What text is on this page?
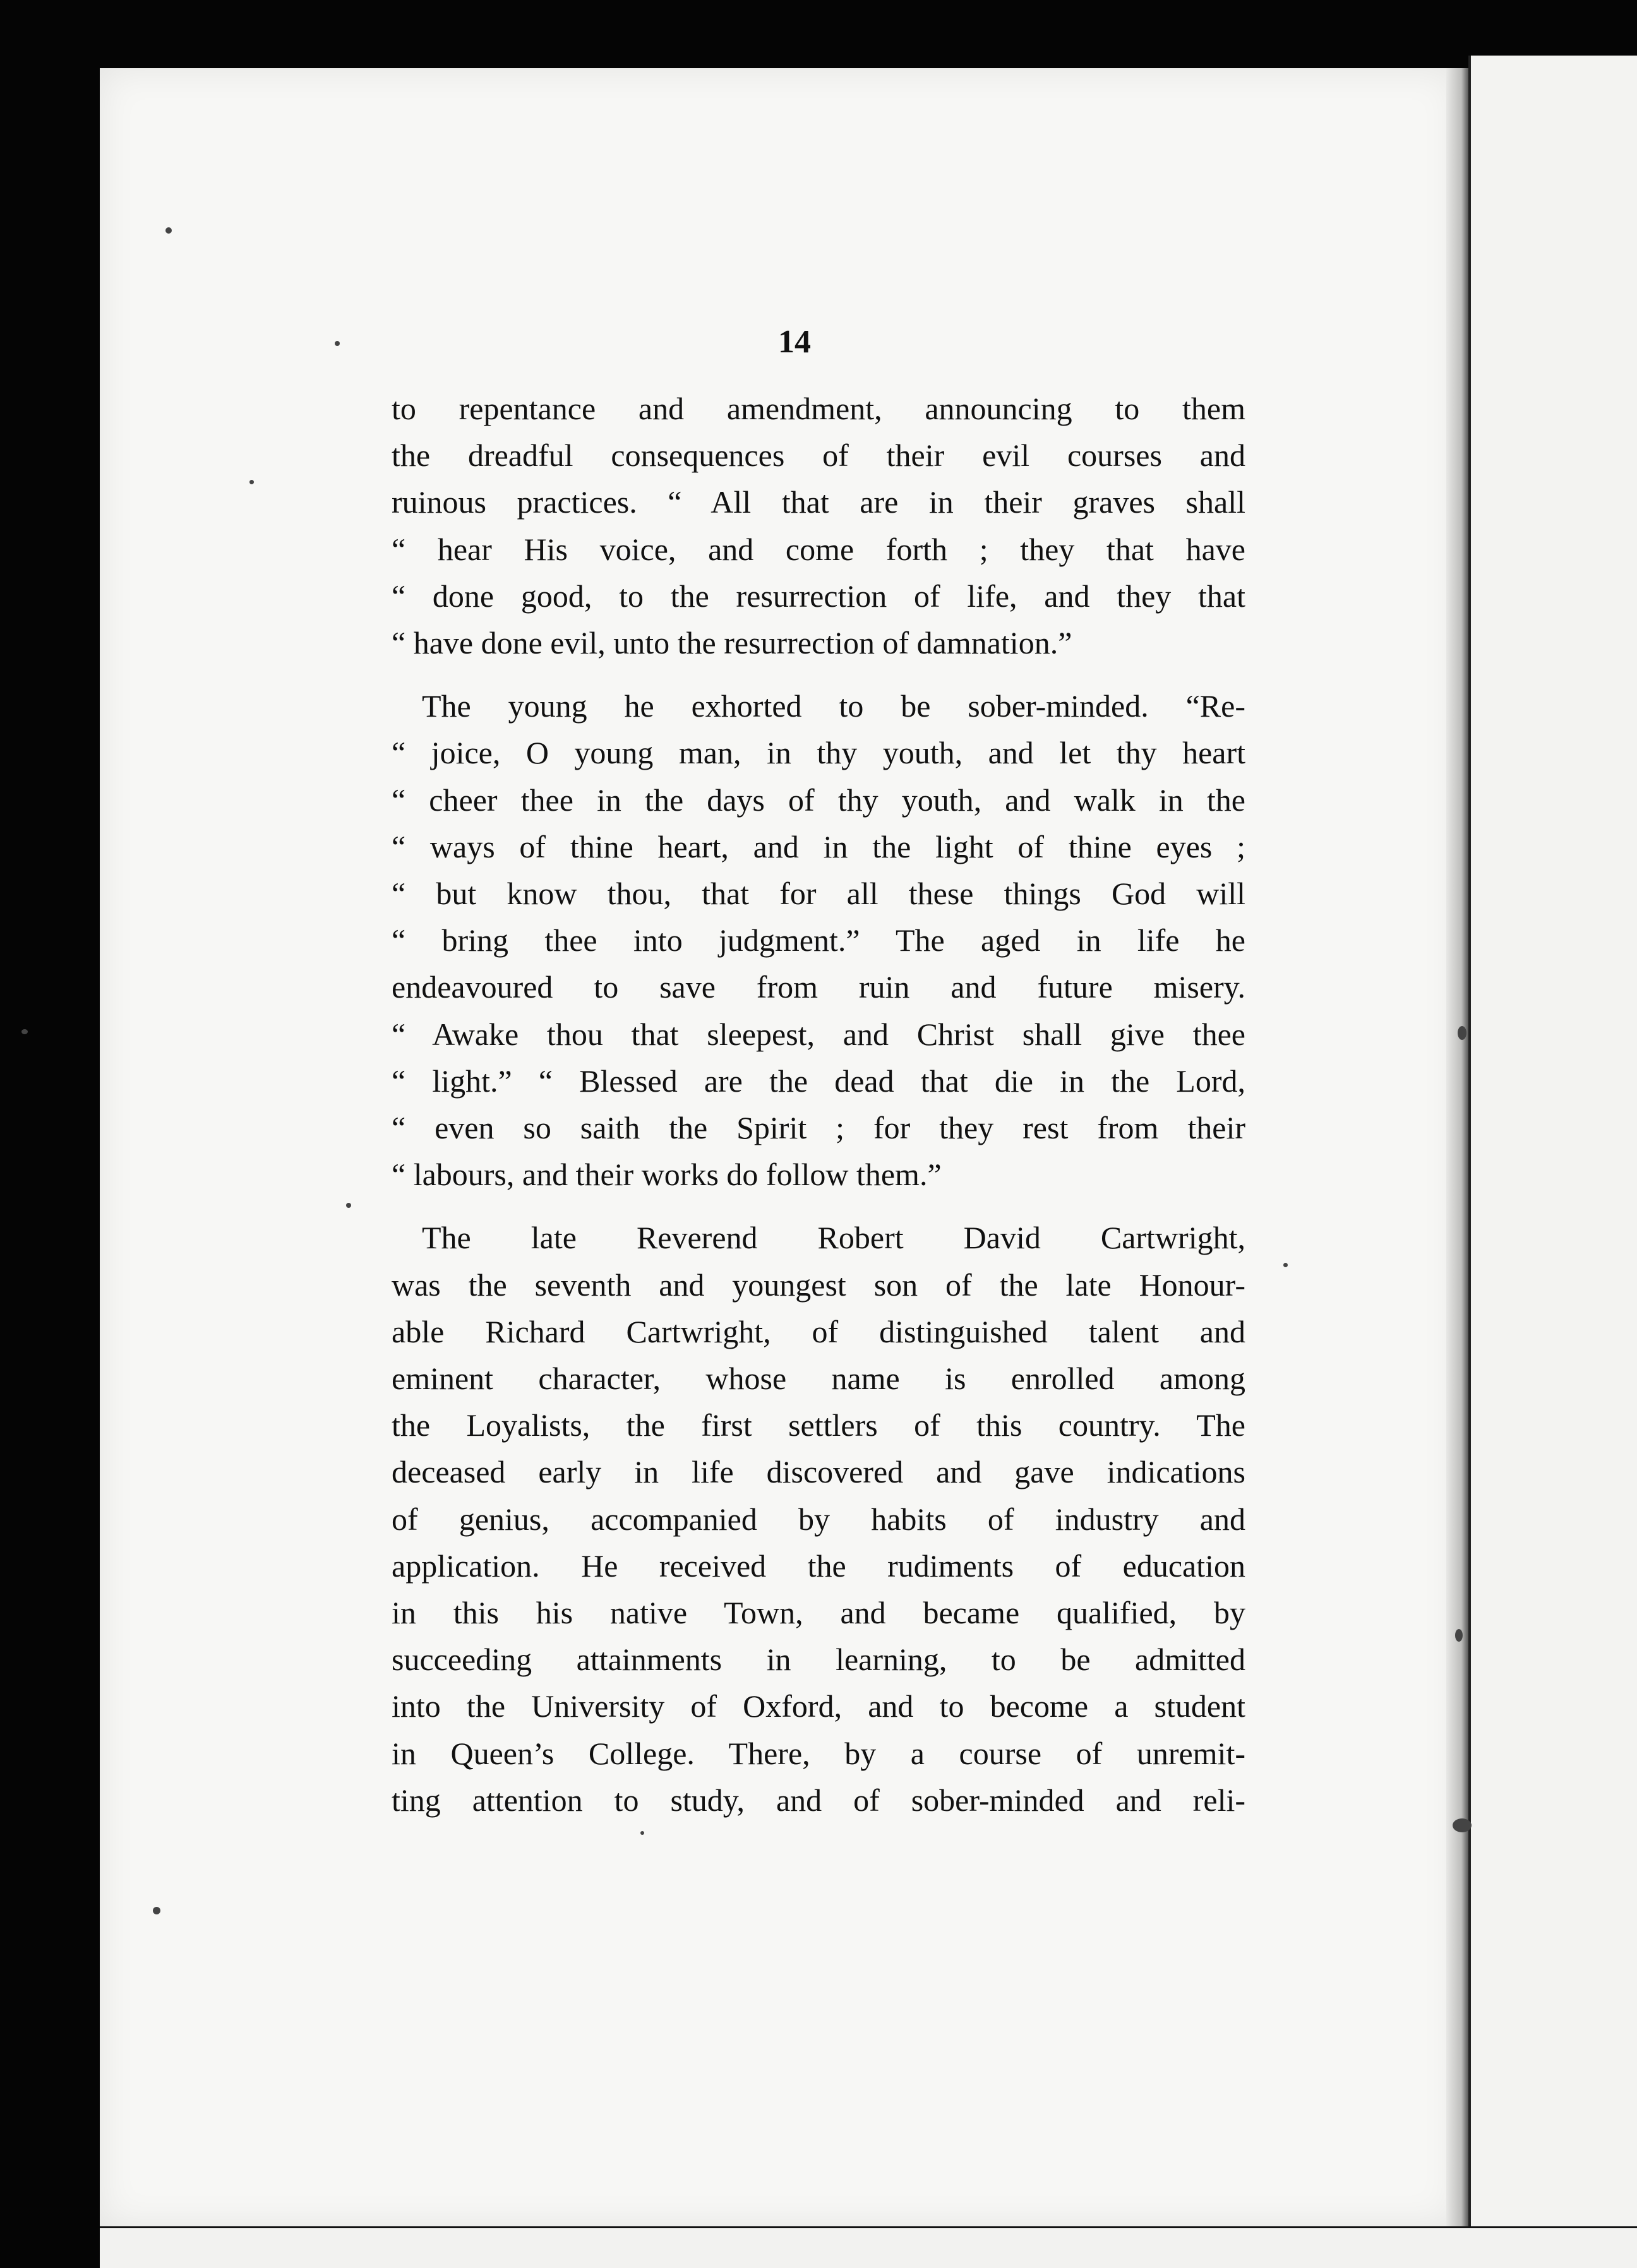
14
to repentance and amendment, announcing to them
the dreadful consequences of their evil courses and
ruinous practices. “ All that are in their graves shall
“ hear His voice, and come forth ; they that have
“ done good, to the resurrection of life, and they that
“ have done evil, unto the resurrection of damnation.”
The young he exhorted to be sober-minded. “Re-
“ joice, O young man, in thy youth, and let thy heart
“ cheer thee in the days of thy youth, and walk in the
“ ways of thine heart, and in the light of thine eyes ;
“ but know thou, that for all these things God will
“ bring thee into judgment.” The aged in life he
endeavoured to save from ruin and future misery.
“ Awake thou that sleepest, and Christ shall give thee
“ light.” “ Blessed are the dead that die in the Lord,
“ even so saith the Spirit ; for they rest from their
“ labours, and their works do follow them.”
The late Reverend Robert David Cartwright,
was the seventh and youngest son of the late Honour-
able Richard Cartwright, of distinguished talent and
eminent character, whose name is enrolled among
the Loyalists, the first settlers of this country. The
deceased early in life discovered and gave indications
of genius, accompanied by habits of industry and
application. He received the rudiments of education
in this his native Town, and became qualified, by
succeeding attainments in learning, to be admitted
into the University of Oxford, and to become a student
in Queen’s College. There, by a course of unremit-
ting attention to study, and of sober-minded and reli-
